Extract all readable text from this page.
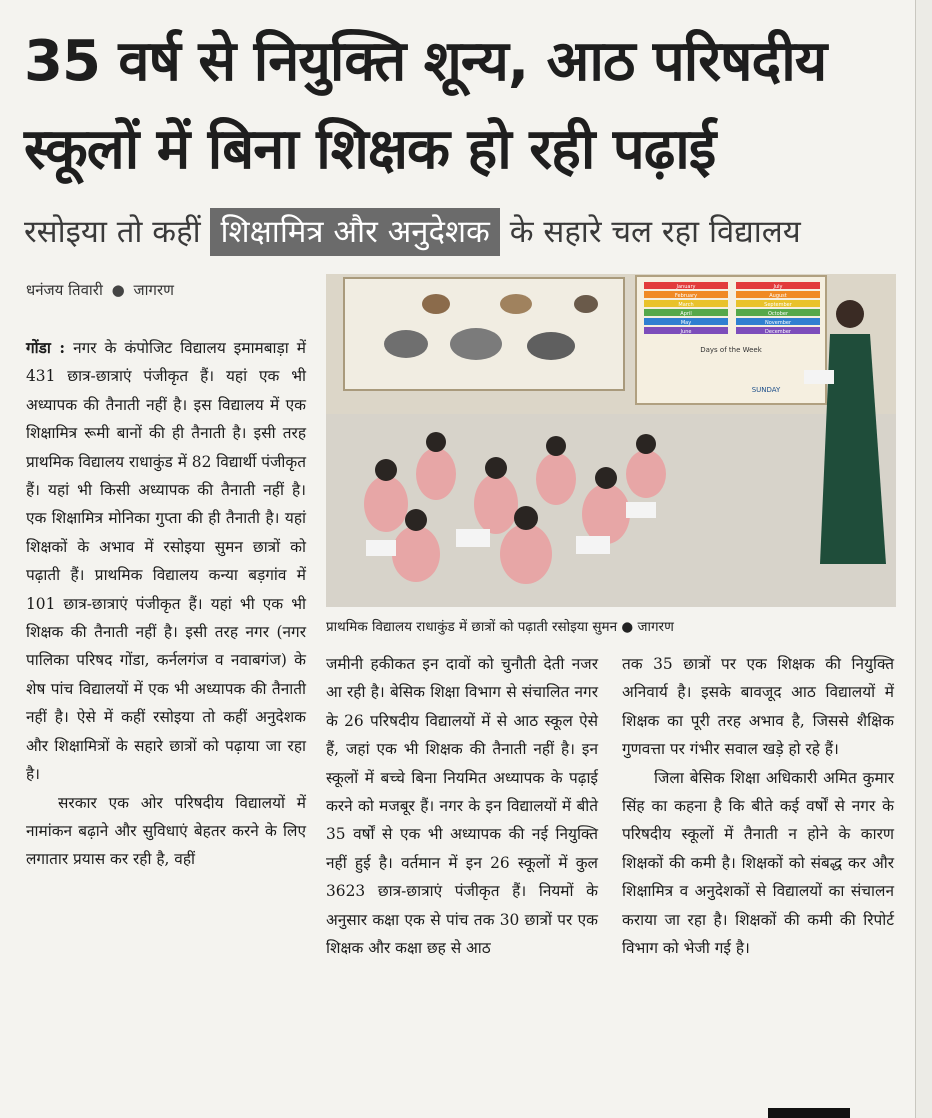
35 वर्ष से नियुक्ति शून्य, आठ परिषदीय स्कूलों में बिना शिक्षक हो रही पढ़ाई
रसोइया तो कहीं शिक्षामित्र और अनुदेशक के सहारे चल रहा विद्यालय
धनंजय तिवारी ● जागरण

गोंडा : नगर के कंपोजिट विद्यालय इमामबाड़ा में 431 छात्र-छात्राएं पंजीकृत हैं। यहां एक भी अध्यापक की तैनाती नहीं है। इस विद्यालय में एक शिक्षामित्र रूमी बानों की ही तैनाती है। इसी तरह प्राथमिक विद्यालय राधाकुंड में 82 विद्यार्थी पंजीकृत हैं। यहां भी किसी अध्यापक की तैनाती नहीं है। एक शिक्षामित्र मोनिका गुप्ता की ही तैनाती है। यहां शिक्षकों के अभाव में रसोइया सुमन छात्रों को पढ़ाती हैं। प्राथमिक विद्यालय कन्या बड़गांव में 101 छात्र-छात्राएं पंजीकृत हैं। यहां भी एक भी शिक्षक की तैनाती नहीं है। इसी तरह नगर (नगर पालिका परिषद गोंडा, कर्नलगंज व नवाबगंज) के शेष पांच विद्यालयों में एक भी अध्यापक की तैनाती नहीं है। ऐसे में कहीं रसोइया तो कहीं अनुदेशक और शिक्षामित्रों के सहारे छात्रों को पढ़ाया जा रहा है।

सरकार एक ओर परिषदीय विद्यालयों में नामांकन बढ़ाने और सुविधाएं बेहतर करने के लिए लगातार प्रयास कर रही है, वहीं

January
February
March
April
May
June
July
August
September
October
November
December
Days of the Week
SUNDAY
प्राथमिक विद्यालय राधाकुंड में छात्रों को पढ़ाती रसोइया सुमन ● जागरण

जमीनी हकीकत इन दावों को चुनौती देती नजर आ रही है। बेसिक शिक्षा विभाग से संचालित नगर के 26 परिषदीय विद्यालयों में से आठ स्कूल ऐसे हैं, जहां एक भी शिक्षक की तैनाती नहीं है। इन स्कूलों में बच्चे बिना नियमित अध्यापक के पढ़ाई करने को मजबूर हैं। नगर के इन विद्यालयों में बीते 35 वर्षों से एक भी अध्यापक की नई नियुक्ति नहीं हुई है। वर्तमान में इन 26 स्कूलों में कुल 3623 छात्र-छात्राएं पंजीकृत हैं। नियमों के अनुसार कक्षा एक से पांच तक 30 छात्रों पर एक शिक्षक और कक्षा छह से आठ

तक 35 छात्रों पर एक शिक्षक की नियुक्ति अनिवार्य है। इसके बावजूद आठ विद्यालयों में शिक्षक का पूरी तरह अभाव है, जिससे शैक्षिक गुणवत्ता पर गंभीर सवाल खड़े हो रहे हैं।

जिला बेसिक शिक्षा अधिकारी अमित कुमार सिंह का कहना है कि बीते कई वर्षों से नगर के परिषदीय स्कूलों में तैनाती न होने के कारण शिक्षकों की कमी है। शिक्षकों को संबद्ध कर और शिक्षामित्र व अनुदेशकों से विद्यालयों का संचालन कराया जा रहा है। शिक्षकों की कमी की रिपोर्ट विभाग को भेजी गई है।
